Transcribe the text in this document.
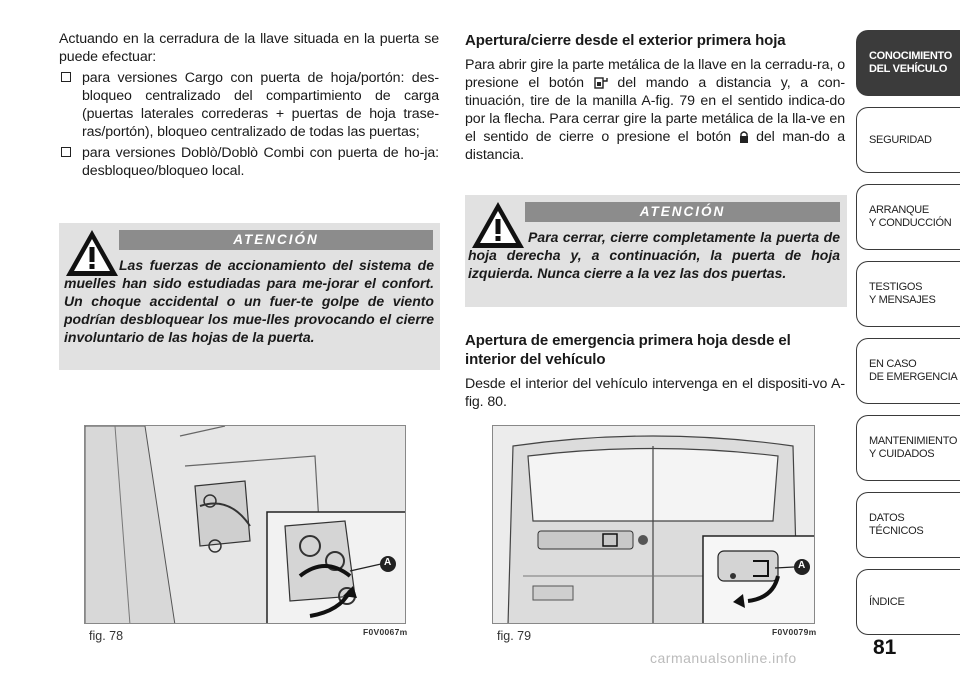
Actuando en la cerradura de la llave situada en la puerta se puede efectuar:

para versiones Cargo con puerta de hoja/portón: des-bloqueo centralizado del compartimiento de carga (puertas laterales correderas + puertas de hoja trase-ras/portón), bloqueo centralizado de todas las puertas;
para versiones Doblò/Doblò Combi con puerta de ho-ja: desbloqueo/bloqueo local.
ATENCIÓN
Las fuerzas de accionamiento del sistema de muelles han sido estudiadas para me-jorar el confort. Un choque accidental o un fuer-te golpe de viento podrían desbloquear los mue-lles provocando el cierre involuntario de las hojas de la puerta.
A
fig. 78	F0V0067m
Apertura/cierre desde el exterior primera hoja

Para abrir gire la parte metálica de la llave en la cerradu-ra, o presione el botón  del mando a distancia y, a con-tinuación, tire de la manilla A-fig. 79 en el sentido indica-do por la flecha. Para cerrar gire la parte metálica de la lla-ve en el sentido de cierre o presione el botón  del man-do a distancia.

ATENCIÓN
Para cerrar, cierre completamente la puerta de hoja derecha y, a continuación, la puerta de hoja izquierda. Nunca cierre a la vez las dos puertas.
Apertura de emergencia primera hoja desde el interior del vehículo

Desde el interior del vehículo intervenga en el dispositi-vo A-fig. 80.

A
fig. 79	F0V0079m
CONOCIMIENTO
DEL VEHÍCULO
SEGURIDAD
ARRANQUE
Y CONDUCCIÓN
TESTIGOS
Y MENSAJES
EN CASO
DE EMERGENCIA
MANTENIMIENTO
Y CUIDADOS
DATOS TÉCNICOS
ÍNDICE
81
carmanualsonline.info
